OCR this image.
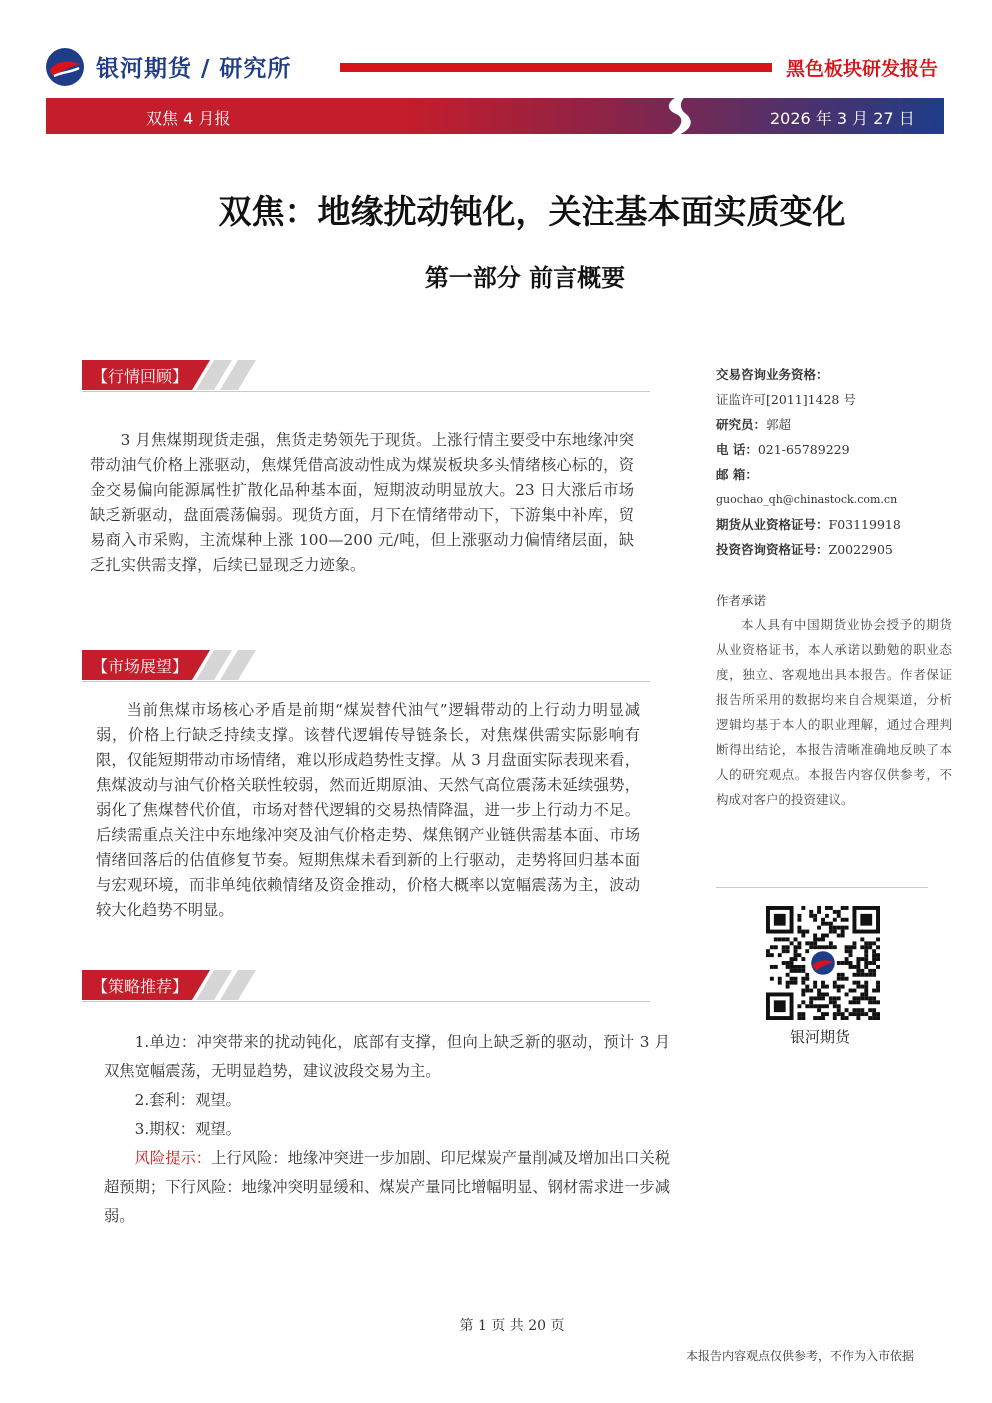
银河期货 / 研究所	黑色板块研发报告
双焦 4 月报	2026 年 3 月 27 日
双焦：地缘扰动钝化，关注基本面实质变化
第一部分 前言概要
【行情回顾】
3 月焦煤期现货走强，焦货走势领先于现货。上涨行情主要受中东地缘冲突带动油气价格上涨驱动，焦煤凭借高波动性成为煤炭板块多头情绪核心标的，资金交易偏向能源属性扩散化品种基本面，短期波动明显放大。23 日大涨后市场缺乏新驱动，盘面震荡偏弱。现货方面，月下在情绪带动下，下游集中补库，贸易商入市采购，主流煤种上涨 100—200 元/吨，但上涨驱动力偏情绪层面，缺乏扎实供需支撑，后续已显现乏力迹象。
【市场展望】
当前焦煤市场核心矛盾是前期“煤炭替代油气”逻辑带动的上行动力明显减弱，价格上行缺乏持续支撑。该替代逻辑传导链条长，对焦煤供需实际影响有限，仅能短期带动市场情绪，难以形成趋势性支撑。从 3 月盘面实际表现来看，焦煤波动与油气价格关联性较弱，然而近期原油、天然气高位震荡未延续强势，弱化了焦煤替代价值，市场对替代逻辑的交易热情降温，进一步上行动力不足。后续需重点关注中东地缘冲突及油气价格走势、煤焦钢产业链供需基本面、市场情绪回落后的估值修复节奏。短期焦煤未看到新的上行驱动，走势将回归基本面与宏观环境，而非单纯依赖情绪及资金推动，价格大概率以宽幅震荡为主，波动较大化趋势不明显。
【策略推荐】

1.单边：冲突带来的扰动钝化，底部有支撑，但向上缺乏新的驱动，预计 3 月双焦宽幅震荡，无明显趋势，建议波段交易为主。

2.套利：观望。

3.期权：观望。

风险提示：上行风险：地缘冲突进一步加剧、印尼煤炭产量削减及增加出口关税超预期；下行风险：地缘冲突明显缓和、煤炭产量同比增幅明显、钢材需求进一步减弱。

交易咨询业务资格：
证监许可[2011]1428 号
研究员：郭超
电 话：021-65789229
邮 箱：
guochao_qh@chinastock.com.cn
期货从业资格证号：F03119918
投资咨询资格证号：Z0022905
作者承诺
本人具有中国期货业协会授予的期货从业资格证书，本人承诺以勤勉的职业态度，独立、客观地出具本报告。作者保证报告所采用的数据均来自合规渠道，分析逻辑均基于本人的职业理解，通过合理判断得出结论，本报告清晰准确地反映了本人的研究观点。本报告内容仅供参考，不构成对客户的投资建议。
银河期货
第 1 页 共 20 页
本报告内容观点仅供参考，不作为入市依据
